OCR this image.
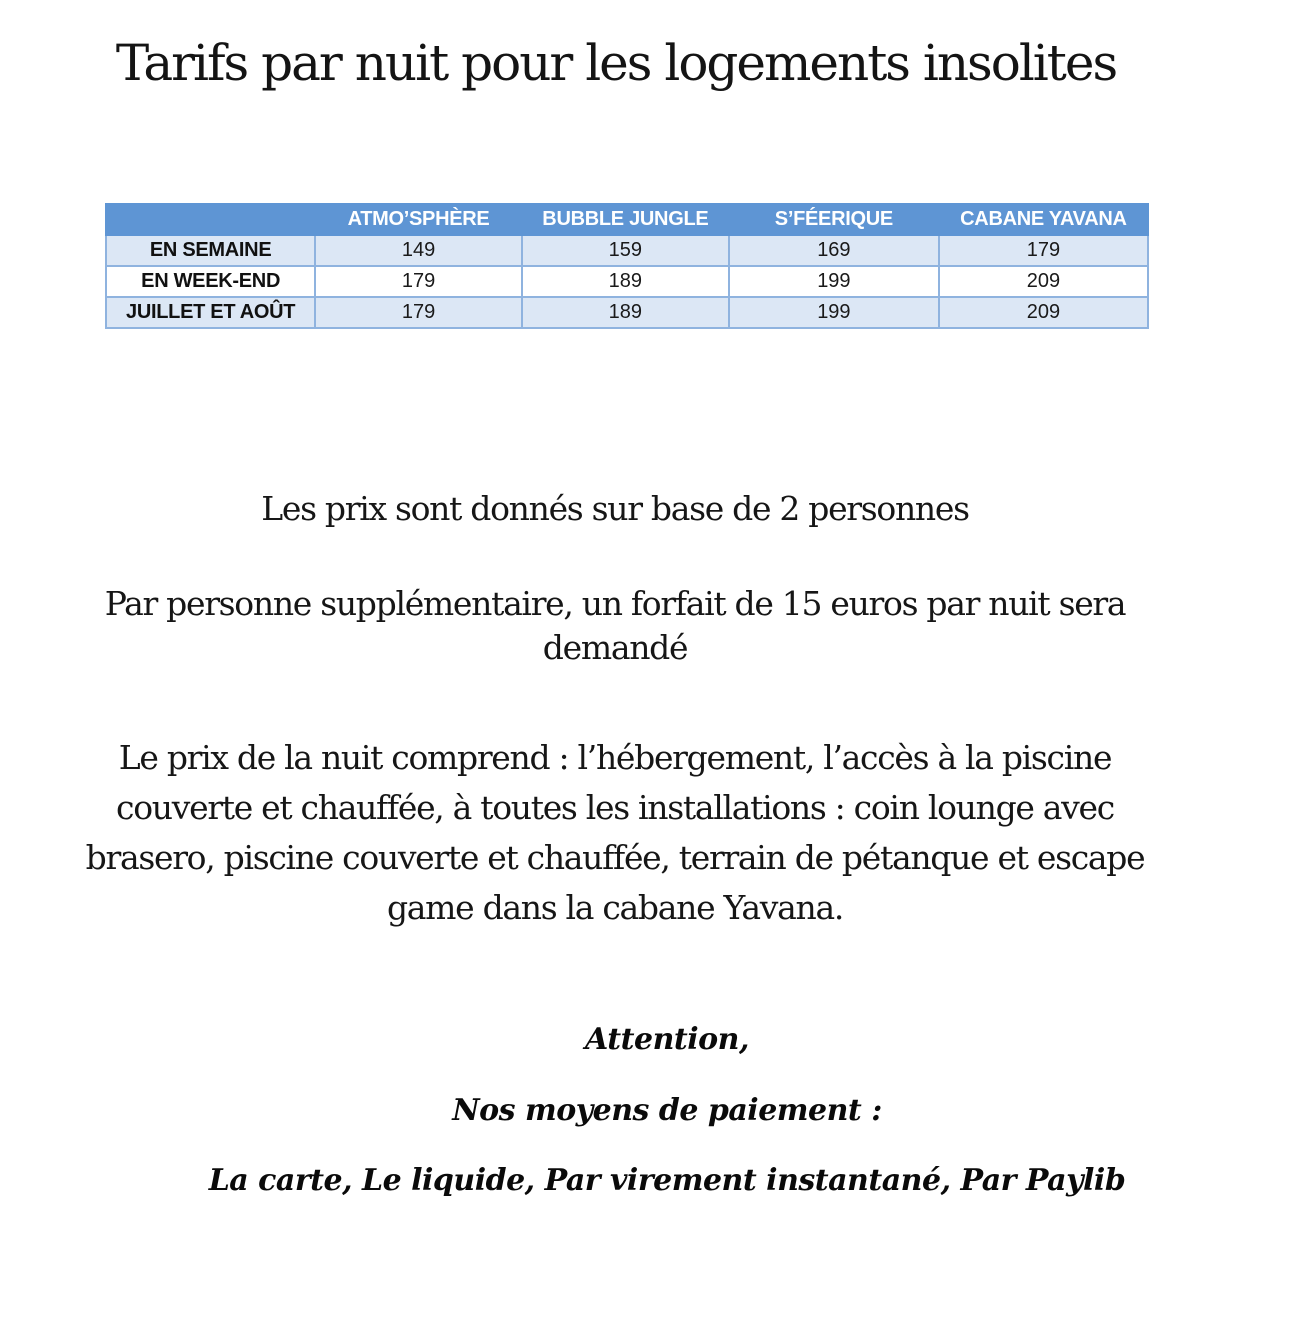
Tarifs par nuit pour les logements insolites
	ATMO’SPHÈRE	BUBBLE JUNGLE	S’FÉERIQUE	CABANE YAVANA
EN SEMAINE	149	159	169	179
EN WEEK-END	179	189	199	209
JUILLET ET AOÛT	179	189	199	209

Les prix sont donnés sur base de 2 personnes

Par personne supplémentaire, un forfait de 15 euros par nuit sera demandé

Le prix de la nuit comprend : l’hébergement, l’accès à la piscine couverte et chauffée, à toutes les installations : coin lounge avec brasero, piscine couverte et chauffée, terrain de pétanque et escape game dans la cabane Yavana.

Attention,

Nos moyens de paiement :

La carte, Le liquide, Par virement instantané, Par Paylib
